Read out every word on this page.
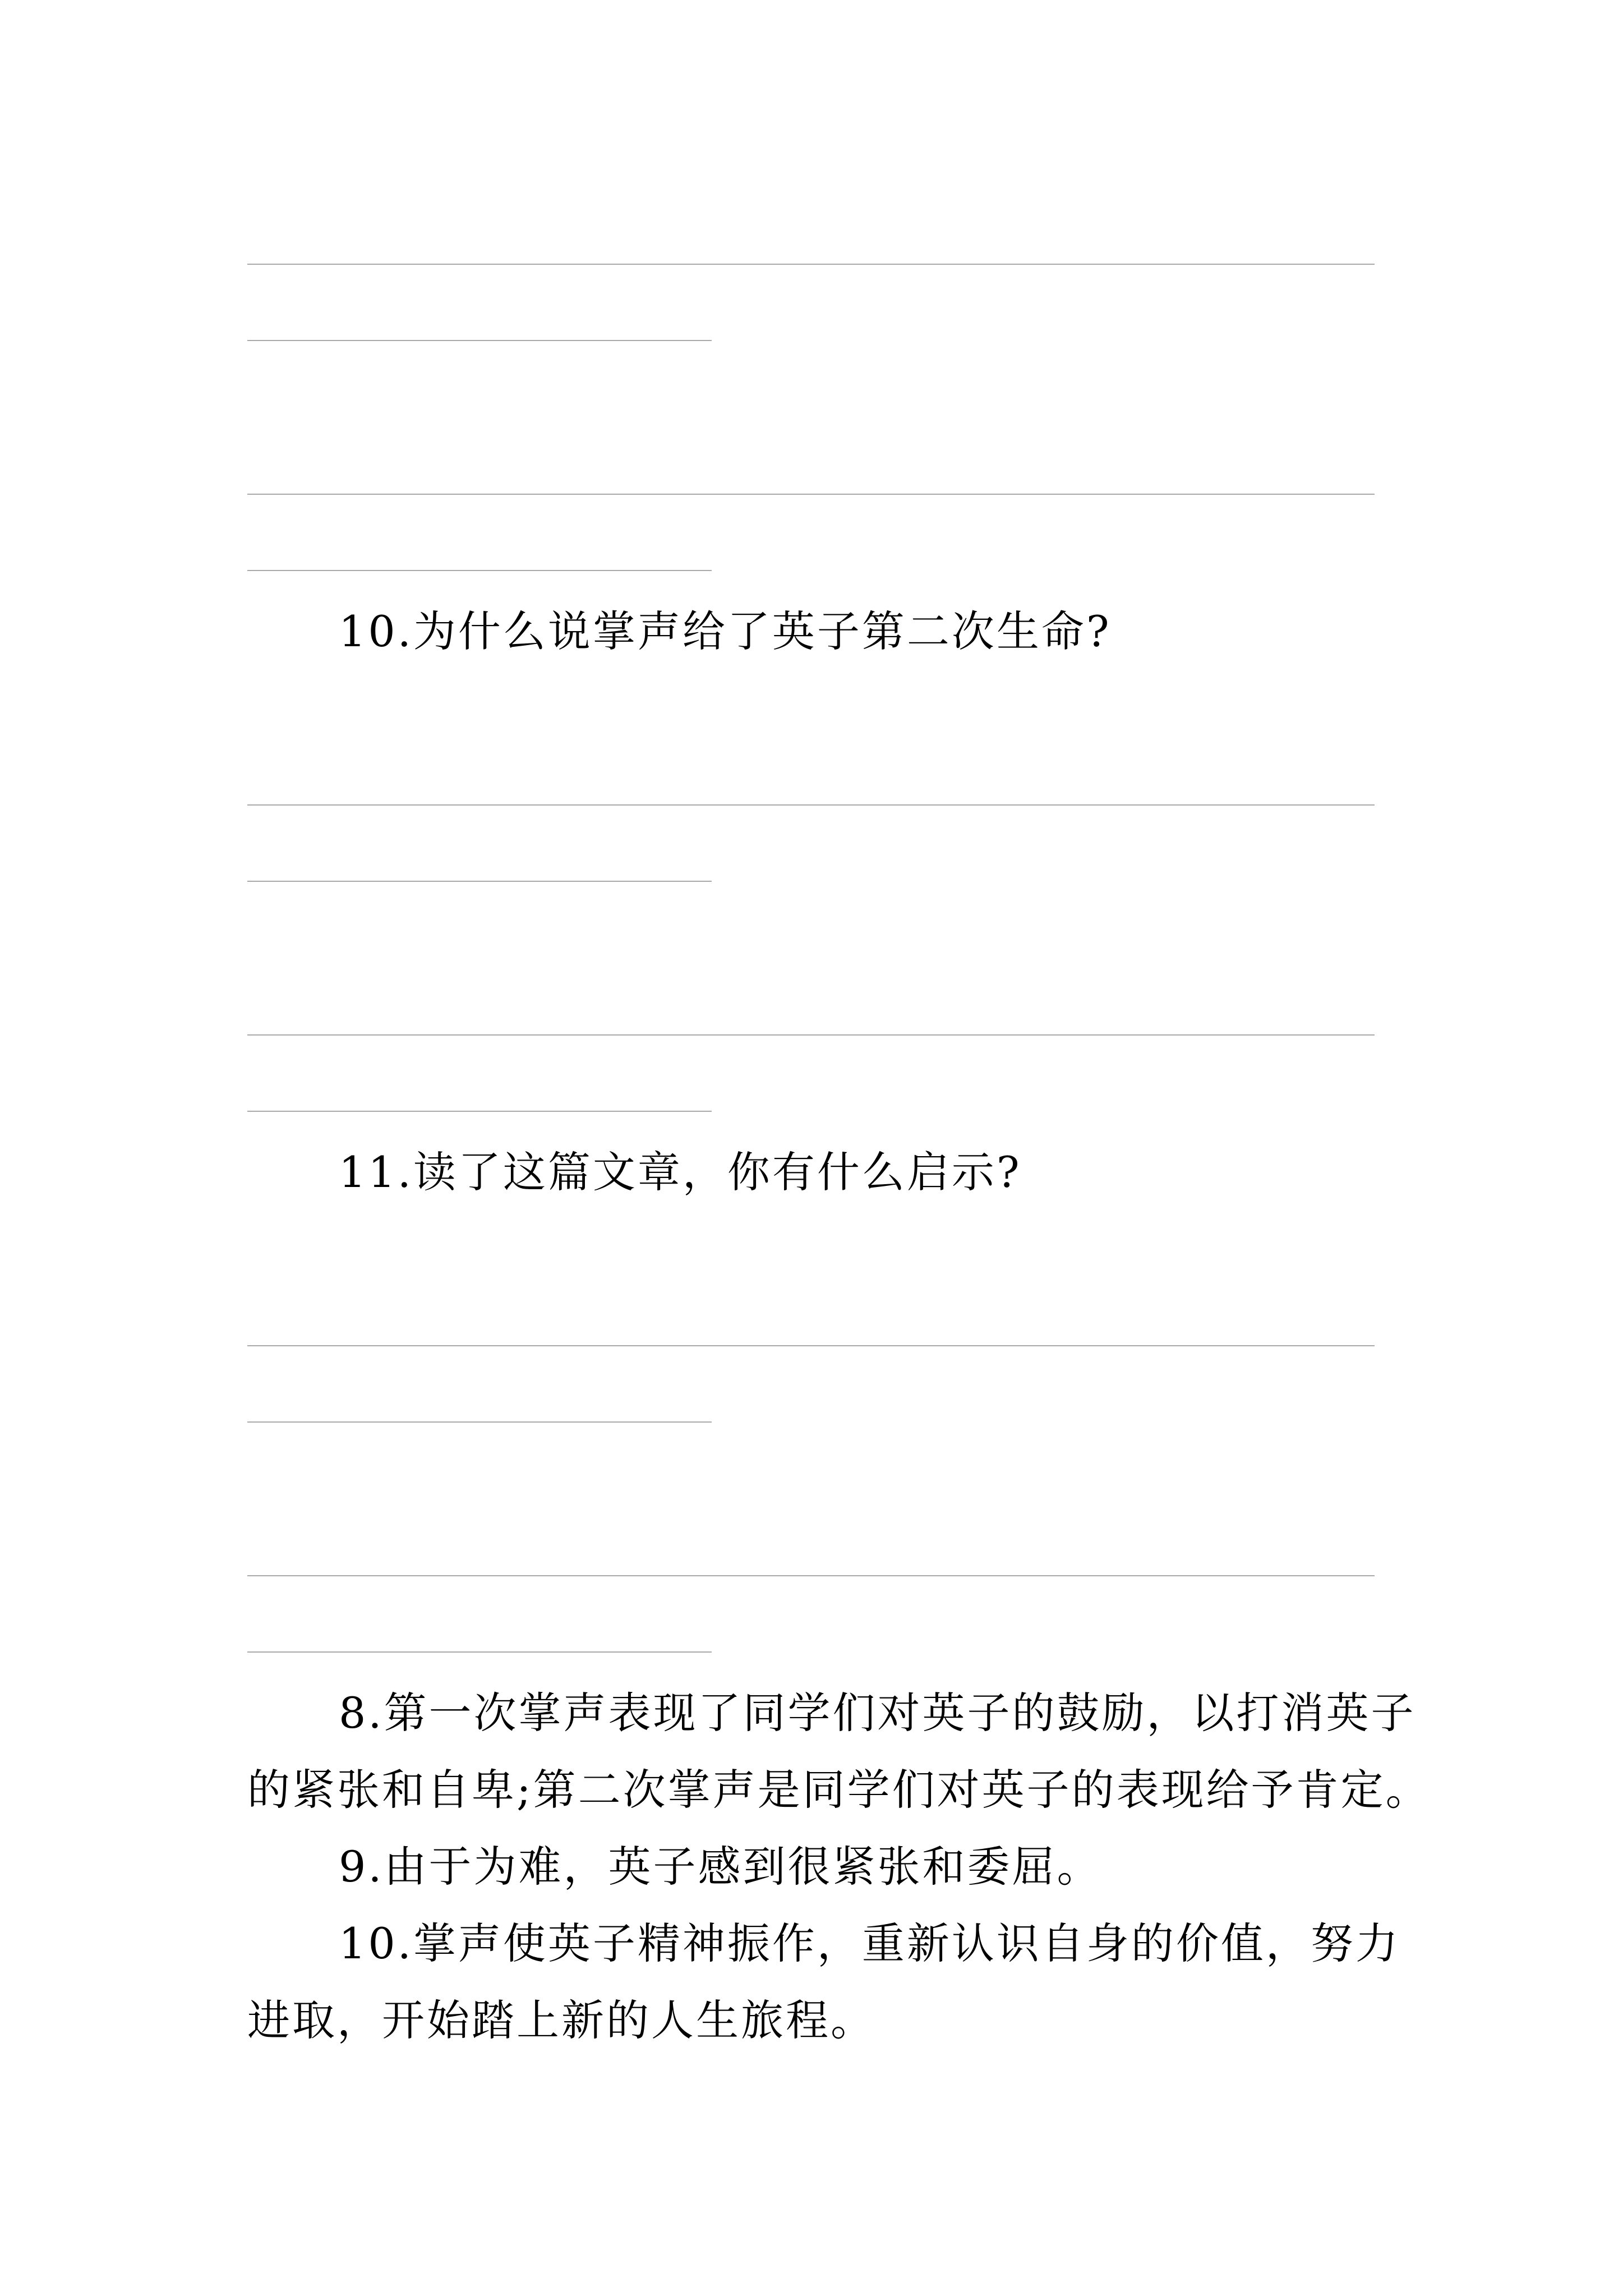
10.为什么说掌声给了英子第二次生命?
11.读了这篇文章，你有什么启示?
8.第一次掌声表现了同学们对英子的鼓励，以打消英子
的紧张和自卑;第二次掌声是同学们对英子的表现给予肯定。
9.由于为难，英子感到很紧张和委屈。
10.掌声使英子精神振作，重新认识自身的价值，努力
进取，开始踏上新的人生旅程。
